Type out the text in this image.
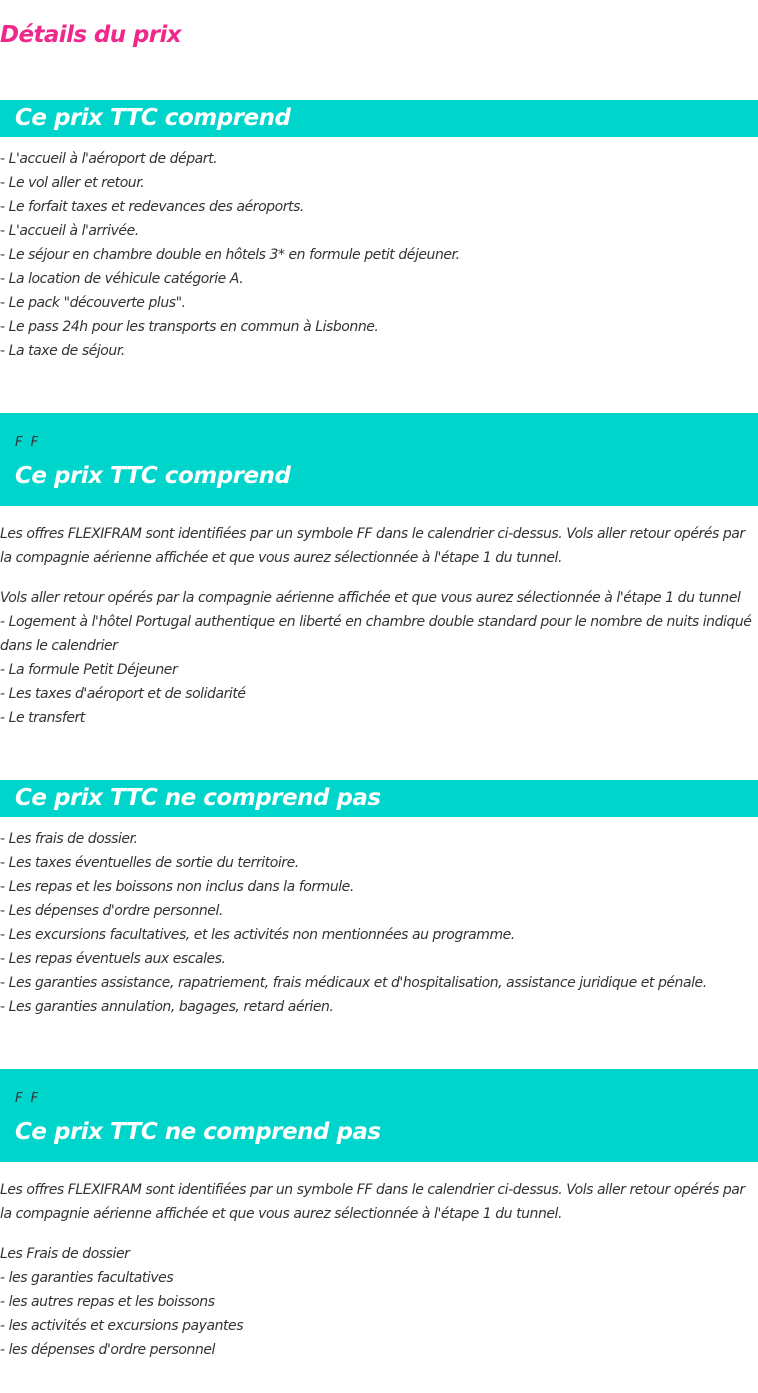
Détails du prix
Ce prix TTC comprend
- L'accueil à l'aéroport de départ.
- Le vol aller et retour.
- Le forfait taxes et redevances des aéroports.
- L'accueil à l'arrivée.
- Le séjour en chambre double en hôtels 3* en formule petit déjeuner.
- La location de véhicule catégorie A.
- Le pack "découverte plus".
- Le pass 24h pour les transports en commun à Lisbonne.
- La taxe de séjour.
F F
Ce prix TTC comprend

Les offres FLEXIFRAM sont identifiées par un symbole FF dans le calendrier ci-dessus. Vols aller retour opérés par la compagnie aérienne affichée et que vous aurez sélectionnée à l'étape 1 du tunnel.

Vols aller retour opérés par la compagnie aérienne affichée et que vous aurez sélectionnée à l'étape 1 du tunnel
- Logement à l'hôtel Portugal authentique en liberté en chambre double standard pour le nombre de nuits indiqué dans le calendrier
- La formule Petit Déjeuner
- Les taxes d'aéroport et de solidarité
- Le transfert
Ce prix TTC ne comprend pas
- Les frais de dossier.
- Les taxes éventuelles de sortie du territoire.
- Les repas et les boissons non inclus dans la formule.
- Les dépenses d'ordre personnel.
- Les excursions facultatives, et les activités non mentionnées au programme.
- Les repas éventuels aux escales.
- Les garanties assistance, rapatriement, frais médicaux et d'hospitalisation, assistance juridique et pénale.
- Les garanties annulation, bagages, retard aérien.
F F
Ce prix TTC ne comprend pas

Les offres FLEXIFRAM sont identifiées par un symbole FF dans le calendrier ci-dessus. Vols aller retour opérés par la compagnie aérienne affichée et que vous aurez sélectionnée à l'étape 1 du tunnel.

Les Frais de dossier
- les garanties facultatives
- les autres repas et les boissons
- les activités et excursions payantes
- les dépenses d'ordre personnel
